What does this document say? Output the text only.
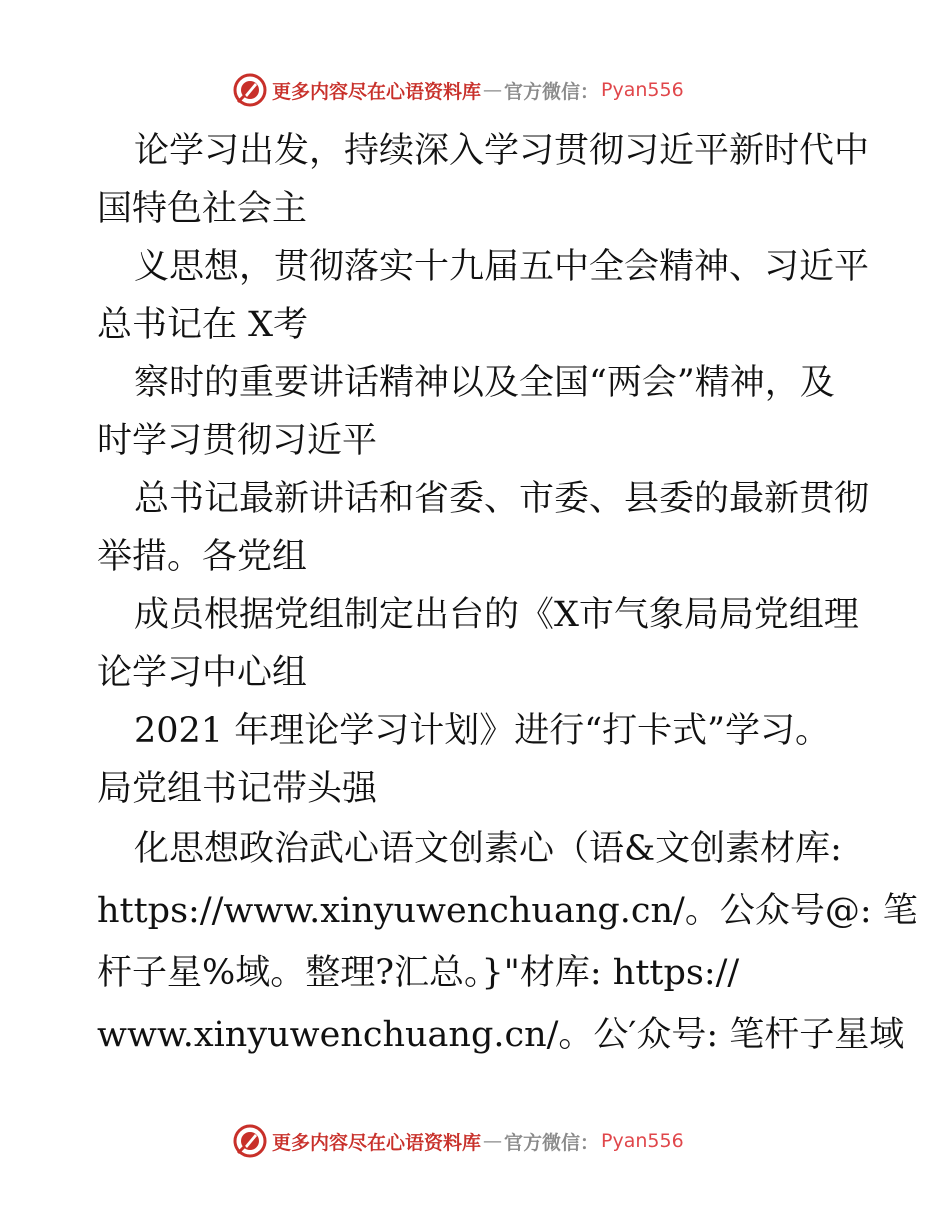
更多内容尽在心语资料库 — 官方微信： Pyan556
论学习出发，持续深入学习贯彻习近平新时代中
国特色社会主
义思想，贯彻落实十九届五中全会精神、习近平
总书记在 X考
察时的重要讲话精神以及全国“两会”精神，及
时学习贯彻习近平
总书记最新讲话和省委、市委、县委的最新贯彻
举措。各党组
成员根据党组制定出台的《X市气象局局党组理
论学习中心组
2021 年理论学习计划》进行“打卡式”学习。
局党组书记带头强
化思想政治武心语文创素心（语&文创素材库:
https://www.xinyuwenchuang.cn/。公众号@: 笔
杆子星%域。整理?汇总。}"材库: https://
www.xinyuwenchuang.cn/。公′众号: 笔杆子星域
更多内容尽在心语资料库 — 官方微信： Pyan556
